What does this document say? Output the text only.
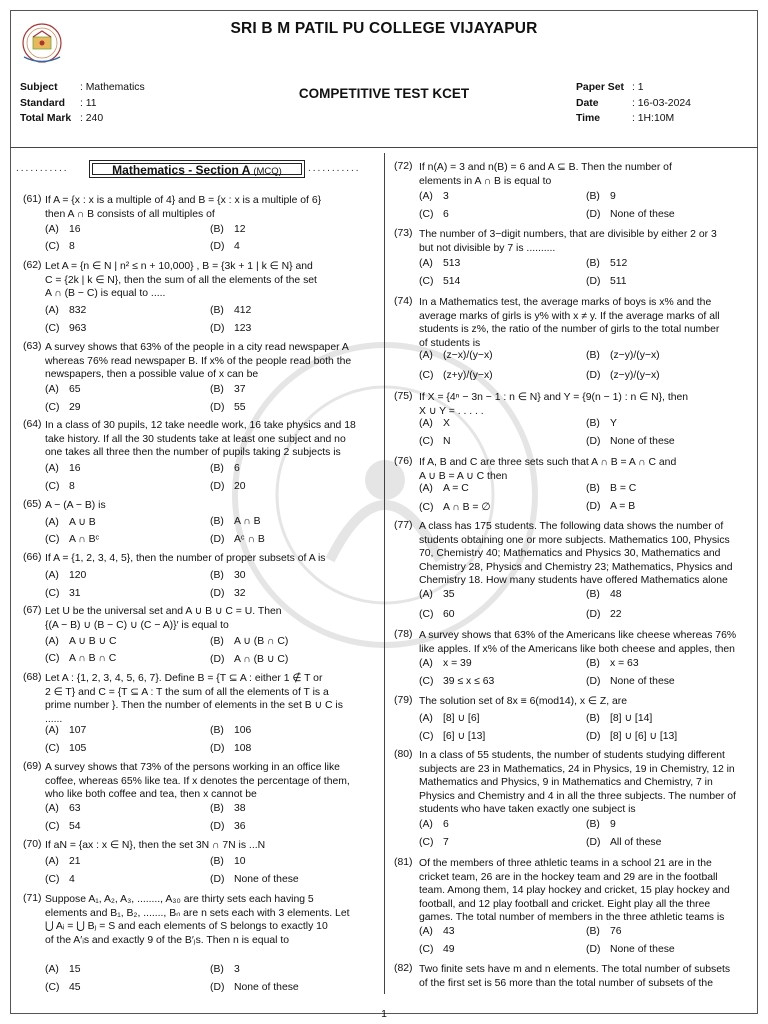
SRI B M PATIL PU COLLEGE VIJAYAPUR
Subject	: Mathematics
Standard	: 11
Total Mark : 240
COMPETITIVE TEST KCET	Paper Set : 1
Date	: 16-03-2024
Time	: 1H:10M
...........	Mathematics - Section A (MCQ)	...........
(61) If A = {x : x is a multiple of 4} and B = {x : x is a multiple of 6}
then A ∩ B consists of all multiples of
(A) 16	(B) 12
(C) 8	(D) 4
(62) Let A = {n ∈ N | n² ≤ n + 10,000} , B = {3k + 1 | k ∈ N} and
C = {2k | k ∈ N}, then the sum of all the elements of the set
A ∩ (B − C) is equal to .....
(A) 832	(B) 412
(C) 963	(D) 123
(63) A survey shows that 63% of the people in a city read newspaper A
whereas 76% read newspaper B. If x% of the people read both the
newspapers, then a possible value of x can be
(A) 65	(B) 37
(C) 29	(D) 55
(64) In a class of 30 pupils, 12 take needle work, 16 take physics and 18
take history. If all the 30 students take at least one subject and no
one takes all three then the number of pupils taking 2 subjects is
(A) 16	(B) 6
(C) 8	(D) 20
(65) A − (A − B) is
(A) A ∪ B	(B) A ∩ B
(C) A ∩ Bᶜ	(D) Aᶜ ∩ B
(66) If A = {1, 2, 3, 4, 5}, then the number of proper subsets of A is
(A) 120	(B) 30
(C) 31	(D) 32
(67) Let U be the universal set and A ∪ B ∪ C = U. Then
{(A − B) ∪ (B − C) ∪ (C − A)}′ is equal to
(A) A ∪ B ∪ C	(B) A ∪ (B ∩ C)
(C) A ∩ B ∩ C	(D) A ∩ (B ∪ C)
(68) Let A : {1, 2, 3, 4, 5, 6, 7}. Define B = {T ⊆ A : either 1 ∉ T or
2 ∈ T} and C = {T ⊆ A : T the sum of all the elements of T is a
prime number }. Then the number of elements in the set B ∪ C is
......
(A) 107	(B) 106
(C) 105	(D) 108
(69) A survey shows that 73% of the persons working in an office like
coffee, whereas 65% like tea. If x denotes the percentage of them,
who like both coffee and tea, then x cannot be
(A) 63	(B) 38
(C) 54	(D) 36
(70) If aN = {ax : x ∈ N}, then the set 3N ∩ 7N is ...N
(A) 21	(B) 10
(C) 4	(D) None of these
(71) Suppose A₁, A₂, A₃, ........, A₃₀ are thirty sets each having 5
elements and B₁, B₂, ......., Bₙ are n sets each with 3 elements. Let
⋃ Aᵢ = ⋃ Bⱼ = S and each elements of S belongs to exactly 10
of the A′ᵢs and exactly 9 of the B′ⱼs. Then n is equal to
(A) 15	(B) 3
(C) 45	(D) None of these
(72) If n(A) = 3 and n(B) = 6 and A ⊆ B. Then the number of
elements in A ∩ B is equal to
(A) 3	(B) 9
(C) 6	(D) None of these
(73) The number of 3−digit numbers, that are divisible by either 2 or 3
but not divisible by 7 is ..........
(A) 513	(B) 512
(C) 514	(D) 511
(74) In a Mathematics test, the average marks of boys is x% and the
average marks of girls is y% with x ≠ y. If the average marks of all
students is z%, the ratio of the number of girls to the total number
of students is
(A) (z−x)/(y−x)	(B) (z−y)/(y−x)
(C) (z+y)/(y−x)	(D) (z−y)/(y−x)
(75) If X = {4ⁿ − 3n − 1 : n ∈ N} and Y = {9(n − 1) : n ∈ N}, then
X ∪ Y = . . . . .
(A) X	(B) Y
(C) N	(D) None of these
(76) If A, B and C are three sets such that A ∩ B = A ∩ C and
A ∪ B = A ∪ C then
(A) A = C	(B) B = C
(C) A ∩ B = ∅	(D) A = B
(77) A class has 175 students. The following data shows the number of
students obtaining one or more subjects. Mathematics 100, Physics
70, Chemistry 40; Mathematics and Physics 30, Mathematics and
Chemistry 28, Physics and Chemistry 23; Mathematics, Physics and
Chemistry 18. How many students have offered Mathematics alone
(A) 35	(B) 48
(C) 60	(D) 22
(78) A survey shows that 63% of the Americans like cheese whereas 76%
like apples. If x% of the Americans like both cheese and apples, then
(A) x = 39	(B) x = 63
(C) 39 ≤ x ≤ 63	(D) None of these
(79) The solution set of 8x ≡ 6(mod14), x ∈ Z, are
(A) [8] ∪ [6]	(B) [8] ∪ [14]
(C) [6] ∪ [13]	(D) [8] ∪ [6] ∪ [13]
(80) In a class of 55 students, the number of students studying different
subjects are 23 in Mathematics, 24 in Physics, 19 in Chemistry, 12 in
Mathematics and Physics, 9 in Mathematics and Chemistry, 7 in
Physics and Chemistry and 4 in all the three subjects. The number of
students who have taken exactly one subject is
(A) 6	(B) 9
(C) 7	(D) All of these
(81) Of the members of three athletic teams in a school 21 are in the
cricket team, 26 are in the hockey team and 29 are in the football
team. Among them, 14 play hockey and cricket, 15 play hockey and
football, and 12 play football and cricket. Eight play all the three
games. The total number of members in the three athletic teams is
(A) 43	(B) 76
(C) 49	(D) None of these
(82) Two finite sets have m and n elements. The total number of subsets
of the first set is 56 more than the total number of subsets of the
1
